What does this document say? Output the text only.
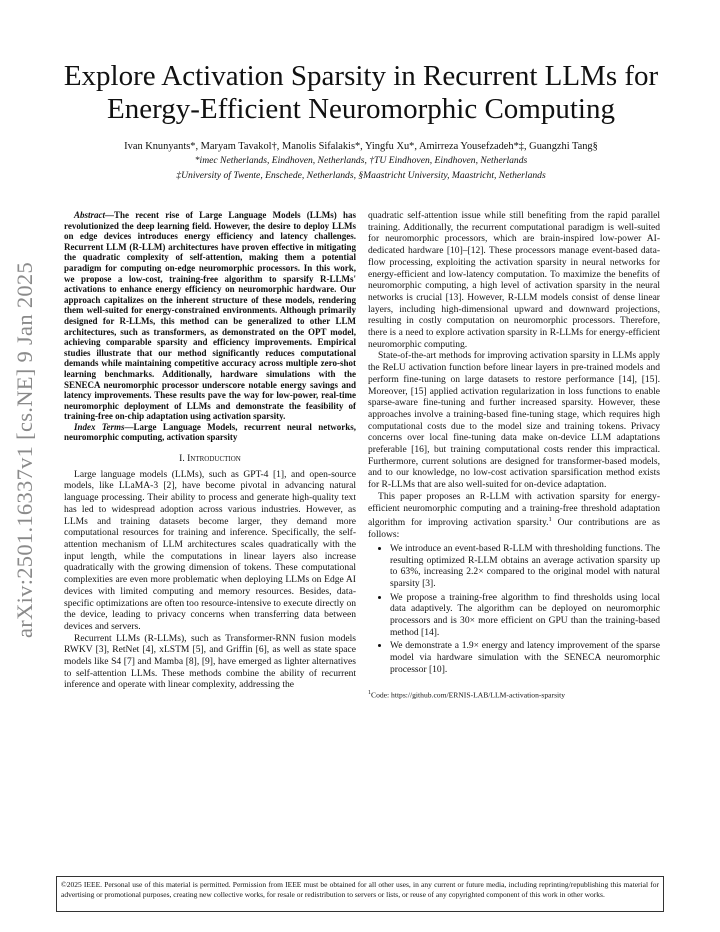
arXiv:2501.16337v1 [cs.NE] 9 Jan 2025
Explore Activation Sparsity in Recurrent LLMs for
Energy-Efficient Neuromorphic Computing
Ivan Knunyants*, Maryam Tavakol†, Manolis Sifalakis*, Yingfu Xu*, Amirreza Yousefzadeh*‡, Guangzhi Tang§
*imec Netherlands, Eindhoven, Netherlands, †TU Eindhoven, Eindhoven, Netherlands
‡University of Twente, Enschede, Netherlands, §Maastricht University, Maastricht, Netherlands

Abstract—The recent rise of Large Language Models (LLMs) has revolutionized the deep learning field. However, the desire to deploy LLMs on edge devices introduces energy efficiency and latency challenges. Recurrent LLM (R-LLM) architectures have proven effective in mitigating the quadratic complexity of self-attention, making them a potential paradigm for computing on-edge neuromorphic processors. In this work, we propose a low-cost, training-free algorithm to sparsify R-LLMs' activations to enhance energy efficiency on neuromorphic hardware. Our approach capitalizes on the inherent structure of these models, rendering them well-suited for energy-constrained environments. Although primarily designed for R-LLMs, this method can be generalized to other LLM architectures, such as transformers, as demonstrated on the OPT model, achieving comparable sparsity and efficiency improvements. Empirical studies illustrate that our method significantly reduces computational demands while maintaining competitive accuracy across multiple zero-shot learning benchmarks. Additionally, hardware simulations with the SENECA neuromorphic processor underscore notable energy savings and latency improvements. These results pave the way for low-power, real-time neuromorphic deployment of LLMs and demonstrate the feasibility of training-free on-chip adaptation using activation sparsity.

Index Terms—Large Language Models, recurrent neural networks, neuromorphic computing, activation sparsity

I. Introduction

Large language models (LLMs), such as GPT-4 [1], and open-source models, like LLaMA-3 [2], have become pivotal in advancing natural language processing. Their ability to process and generate high-quality text has led to widespread adoption across various industries. However, as LLMs and training datasets become larger, they demand more computational resources for training and inference. Specifically, the self-attention mechanism of LLM architectures scales quadratically with the input length, while the computations in linear layers also increase quadratically with the growing dimension of tokens. These computational complexities are even more problematic when deploying LLMs on Edge AI devices with limited computing and memory resources. Besides, data-specific optimizations are often too resource-intensive to execute directly on the device, leading to privacy concerns when transferring data between devices and servers.

Recurrent LLMs (R-LLMs), such as Transformer-RNN fusion models RWKV [3], RetNet [4], xLSTM [5], and Griffin [6], as well as state space models like S4 [7] and Mamba [8], [9], have emerged as lighter alternatives to self-attention LLMs. These methods combine the ability of recurrent inference and operate with linear complexity, addressing the

quadratic self-attention issue while still benefiting from the rapid parallel training. Additionally, the recurrent computational paradigm is well-suited for neuromorphic processors, which are brain-inspired low-power AI-dedicated hardware [10]–[12]. These processors manage event-based data-flow processing, exploiting the activation sparsity in neural networks for energy-efficient and low-latency computation. To maximize the benefits of neuromorphic computing, a high level of activation sparsity in the neural networks is crucial [13]. However, R-LLM models consist of dense linear layers, including high-dimensional upward and downward projections, resulting in costly computation on neuromorphic processors. Therefore, there is a need to explore activation sparsity in R-LLMs for energy-efficient neuromorphic computing.

State-of-the-art methods for improving activation sparsity in LLMs apply the ReLU activation function before linear layers in pre-trained models and perform fine-tuning on large datasets to restore performance [14], [15]. Moreover, [15] applied activation regularization in loss functions to enable sparse-aware fine-tuning and further increased sparsity. However, these approaches involve a training-based fine-tuning stage, which requires high computational costs due to the model size and training tokens. Privacy concerns over local fine-tuning data make on-device LLM adaptations preferable [16], but training computational costs render this impractical. Furthermore, current solutions are designed for transformer-based models, and to our knowledge, no low-cost activation sparsification method exists for R-LLMs that are also well-suited for on-device adaptation.

This paper proposes an R-LLM with activation sparsity for energy-efficient neuromorphic computing and a training-free threshold adaptation algorithm for improving activation sparsity.$^1$ Our contributions are as follows:

• We introduce an event-based R-LLM with thresholding functions. The resulting optimized R-LLM obtains an average activation sparsity up to 63%, increasing 2.2× compared to the original model with natural sparsity [3].
• We propose a training-free algorithm to find thresholds using local data adaptively. The algorithm can be deployed on neuromorphic processors and is 30× more efficient on GPU than the training-based method [14].
• We demonstrate a 1.9× energy and latency improvement of the sparse model via hardware simulation with the SENECA neuromorphic processor [10].
$^1$Code: https://github.com/ERNIS-LAB/LLM-activation-sparsity
©2025 IEEE. Personal use of this material is permitted. Permission from IEEE must be obtained for all other uses, in any current or future media, including reprinting/republishing this material for advertising or promotional purposes, creating new collective works, for resale or redistribution to servers or lists, or reuse of any copyrighted component of this work in other works.
